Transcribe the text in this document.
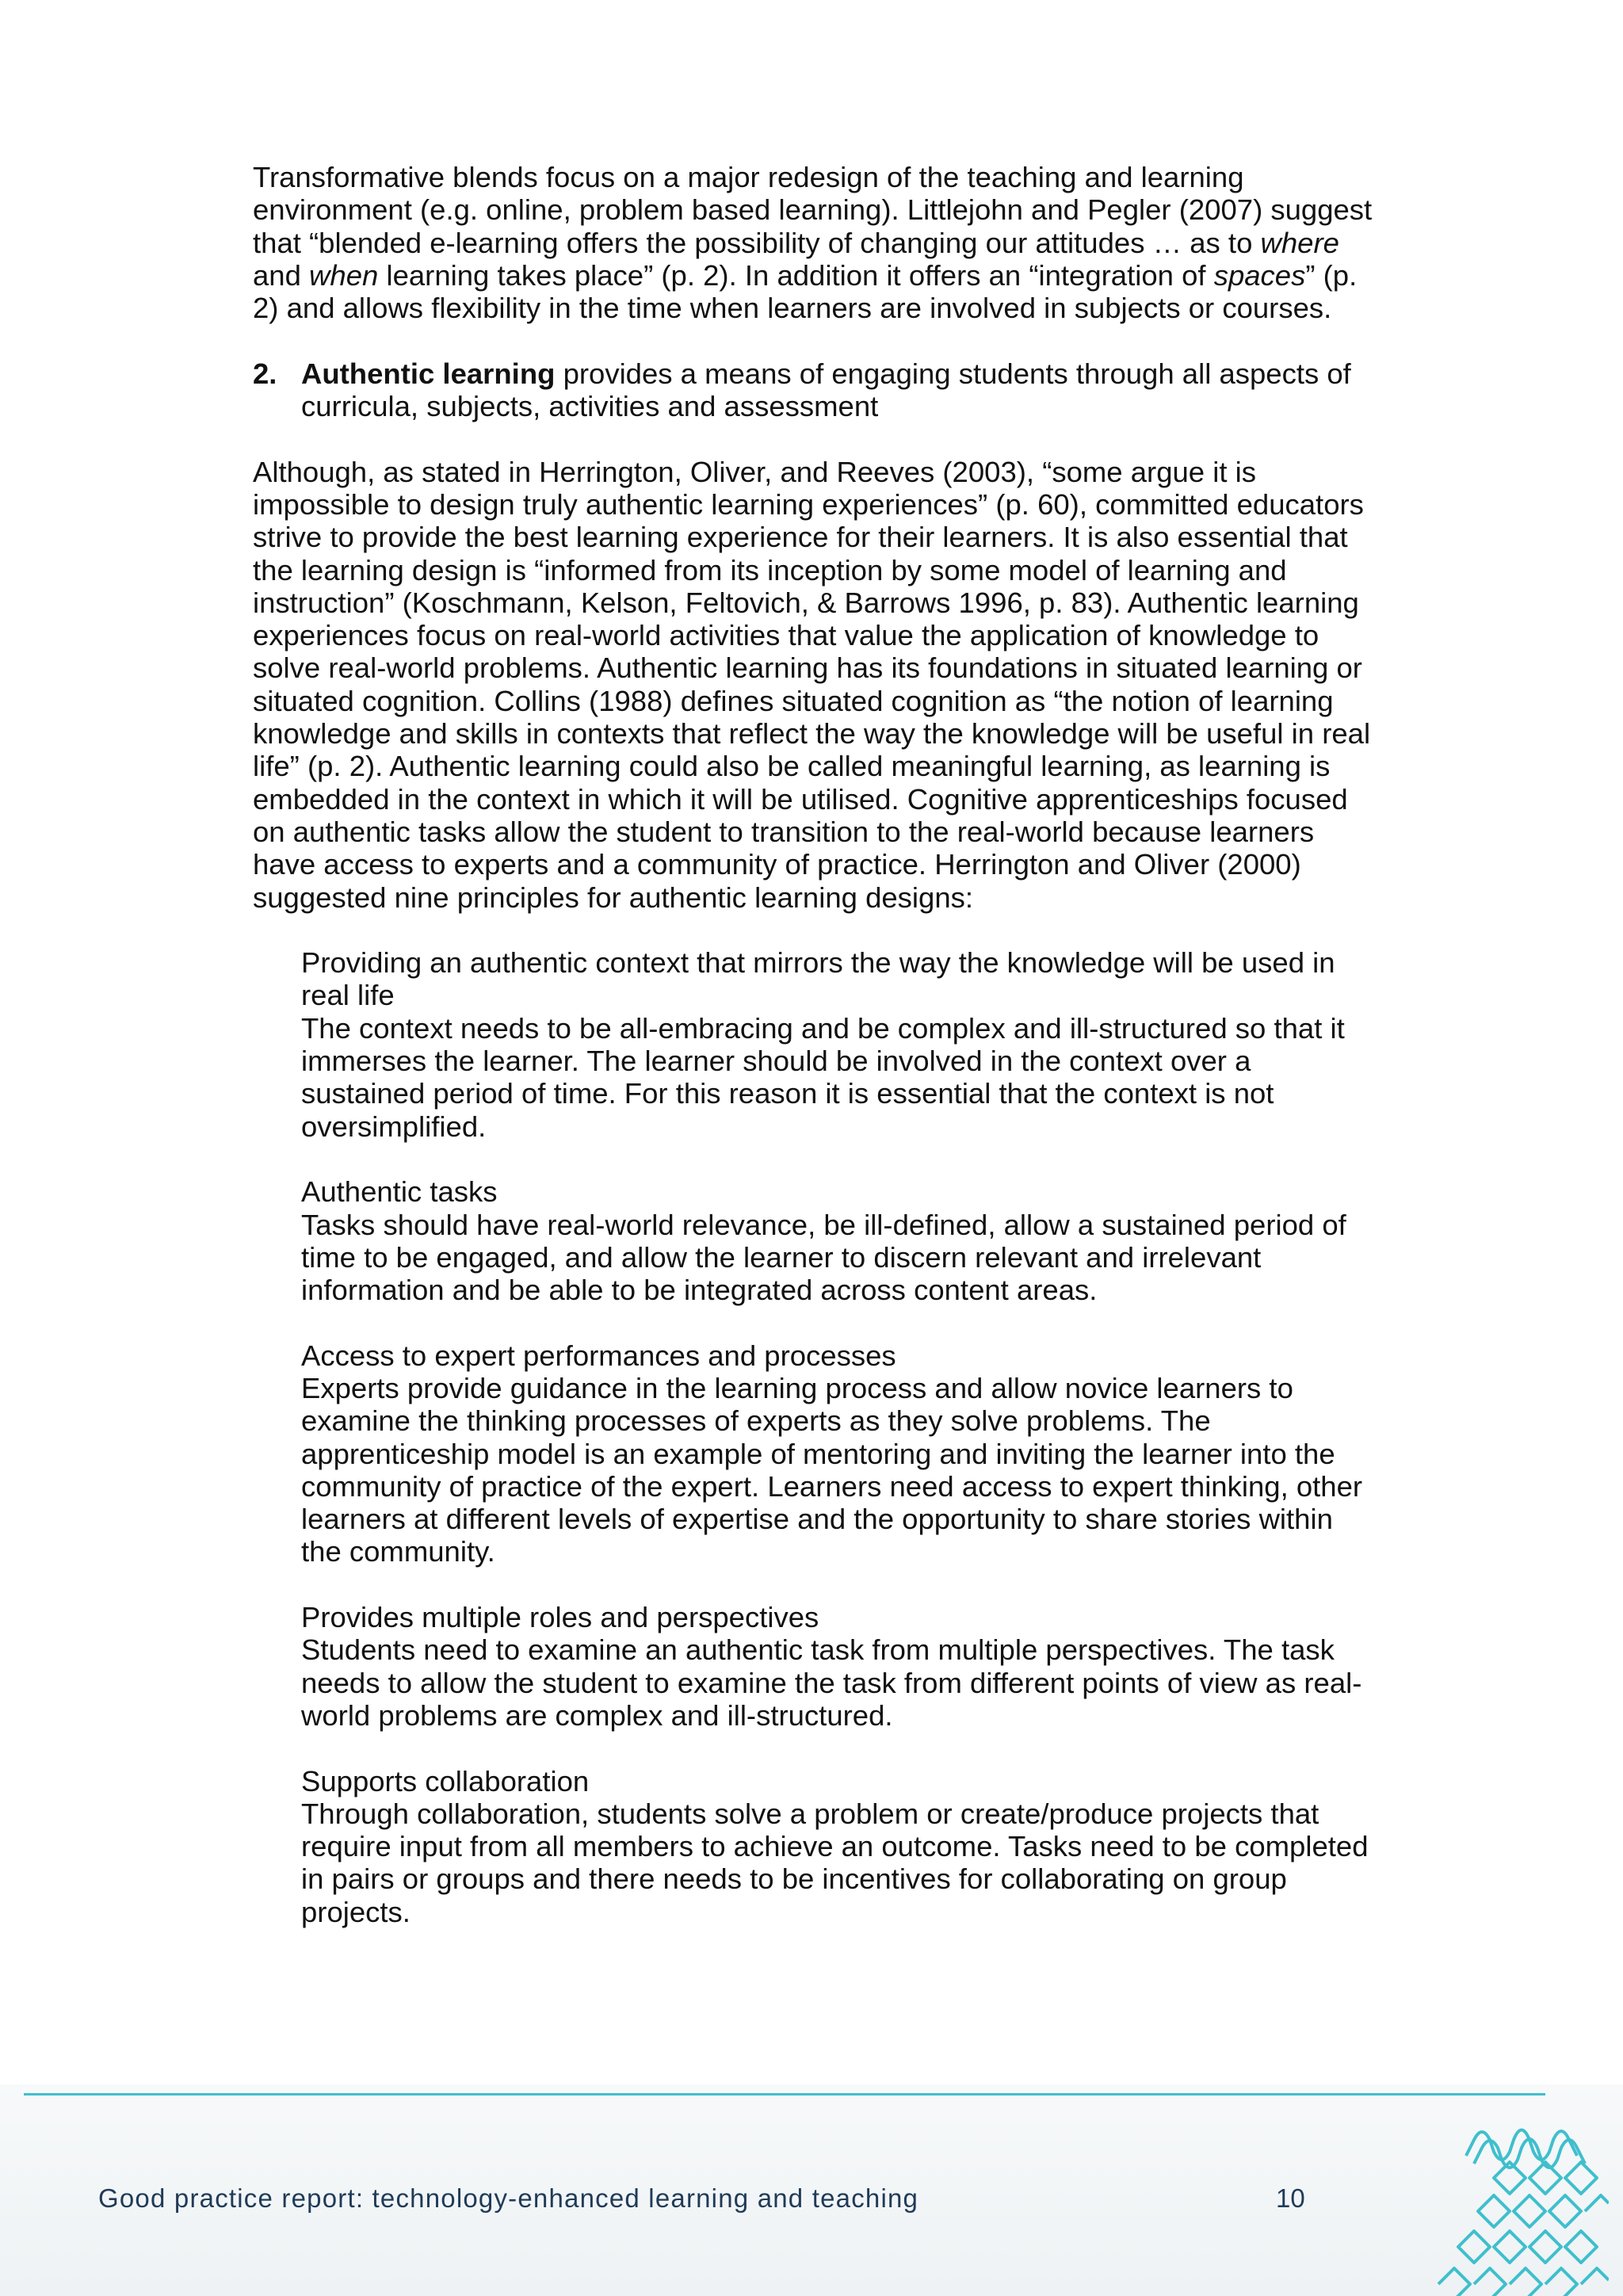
Transformative blends focus on a major redesign of the teaching and learning environment (e.g. online, problem based learning). Littlejohn and Pegler (2007) suggest that “blended e-learning offers the possibility of changing our attitudes … as to where and when learning takes place” (p. 2). In addition it offers an “integration of spaces” (p. 2) and allows flexibility in the time when learners are involved in subjects or courses.

2. Authentic learning provides a means of engaging students through all aspects of curricula, subjects, activities and assessment

Although, as stated in Herrington, Oliver, and Reeves (2003), “some argue it is impossible to design truly authentic learning experiences” (p. 60), committed educators strive to provide the best learning experience for their learners. It is also essential that the learning design is “informed from its inception by some model of learning and instruction” (Koschmann, Kelson, Feltovich, & Barrows 1996, p. 83). Authentic learning experiences focus on real-world activities that value the application of knowledge to solve real-world problems. Authentic learning has its foundations in situated learning or situated cognition. Collins (1988) defines situated cognition as “the notion of learning knowledge and skills in contexts that reflect the way the knowledge will be useful in real life” (p. 2). Authentic learning could also be called meaningful learning, as learning is embedded in the context in which it will be utilised. Cognitive apprenticeships focused on authentic tasks allow the student to transition to the real-world because learners have access to experts and a community of practice. Herrington and Oliver (2000) suggested nine principles for authentic learning designs:

Providing an authentic context that mirrors the way the knowledge will be used in real life

The context needs to be all-embracing and be complex and ill-structured so that it immerses the learner. The learner should be involved in the context over a sustained period of time. For this reason it is essential that the context is not oversimplified.

Authentic tasks

Tasks should have real-world relevance, be ill-defined, allow a sustained period of time to be engaged, and allow the learner to discern relevant and irrelevant information and be able to be integrated across content areas.

Access to expert performances and processes

Experts provide guidance in the learning process and allow novice learners to examine the thinking processes of experts as they solve problems. The apprenticeship model is an example of mentoring and inviting the learner into the community of practice of the expert. Learners need access to expert thinking, other learners at different levels of expertise and the opportunity to share stories within the community.

Provides multiple roles and perspectives

Students need to examine an authentic task from multiple perspectives. The task needs to allow the student to examine the task from different points of view as real-world problems are complex and ill-structured.

Supports collaboration

Through collaboration, students solve a problem or create/produce projects that require input from all members to achieve an outcome. Tasks need to be completed in pairs or groups and there needs to be incentives for collaborating on group projects.

Good practice report: technology-enhanced learning and teaching	10
